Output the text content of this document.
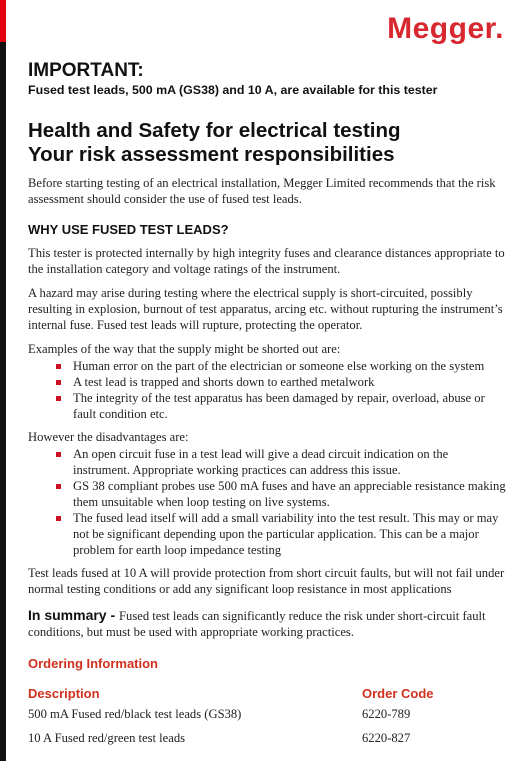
Megger.
IMPORTANT:
Fused test leads, 500 mA (GS38) and 10 A, are available for this tester
Health and Safety for electrical testing
Your risk assessment responsibilities

Before starting testing of an electrical installation, Megger Limited recommends that the risk assessment should consider the use of fused test leads.

WHY USE FUSED TEST LEADS?

This tester is protected internally by high integrity fuses and clearance distances appropriate to the installation category and voltage ratings of the instrument.

A hazard may arise during testing where the electrical supply is short-circuited, possibly resulting in explosion, burnout of test apparatus, arcing etc. without rupturing the instrument’s internal fuse. Fused test leads will rupture, protecting the operator.

Examples of the way that the supply might be shorted out are:

Human error on the part of the electrician or someone else working on the system
A test lead is trapped and shorts down to earthed metalwork
The integrity of the test apparatus has been damaged by repair, overload, abuse or fault condition etc.

However the disadvantages are:

An open circuit fuse in a test lead will give a dead circuit indication on the instrument. Appropriate working practices can address this issue.
GS 38 compliant probes use 500 mA fuses and have an appreciable resistance making them unsuitable when loop testing on live systems.
The fused lead itself will add a small variability into the test result. This may or may not be significant depending upon the particular application. This can be a major problem for earth loop impedance testing

Test leads fused at 10 A will provide protection from short circuit faults, but will not fail under normal testing conditions or add any significant loop resistance in most applications

In summary - Fused test leads can significantly reduce the risk under short-circuit fault conditions, but must be used with appropriate working practices.

Ordering Information
Description	Order Code
500 mA Fused red/black test leads (GS38)	6220-789
10 A Fused red/green test leads	6220-827
